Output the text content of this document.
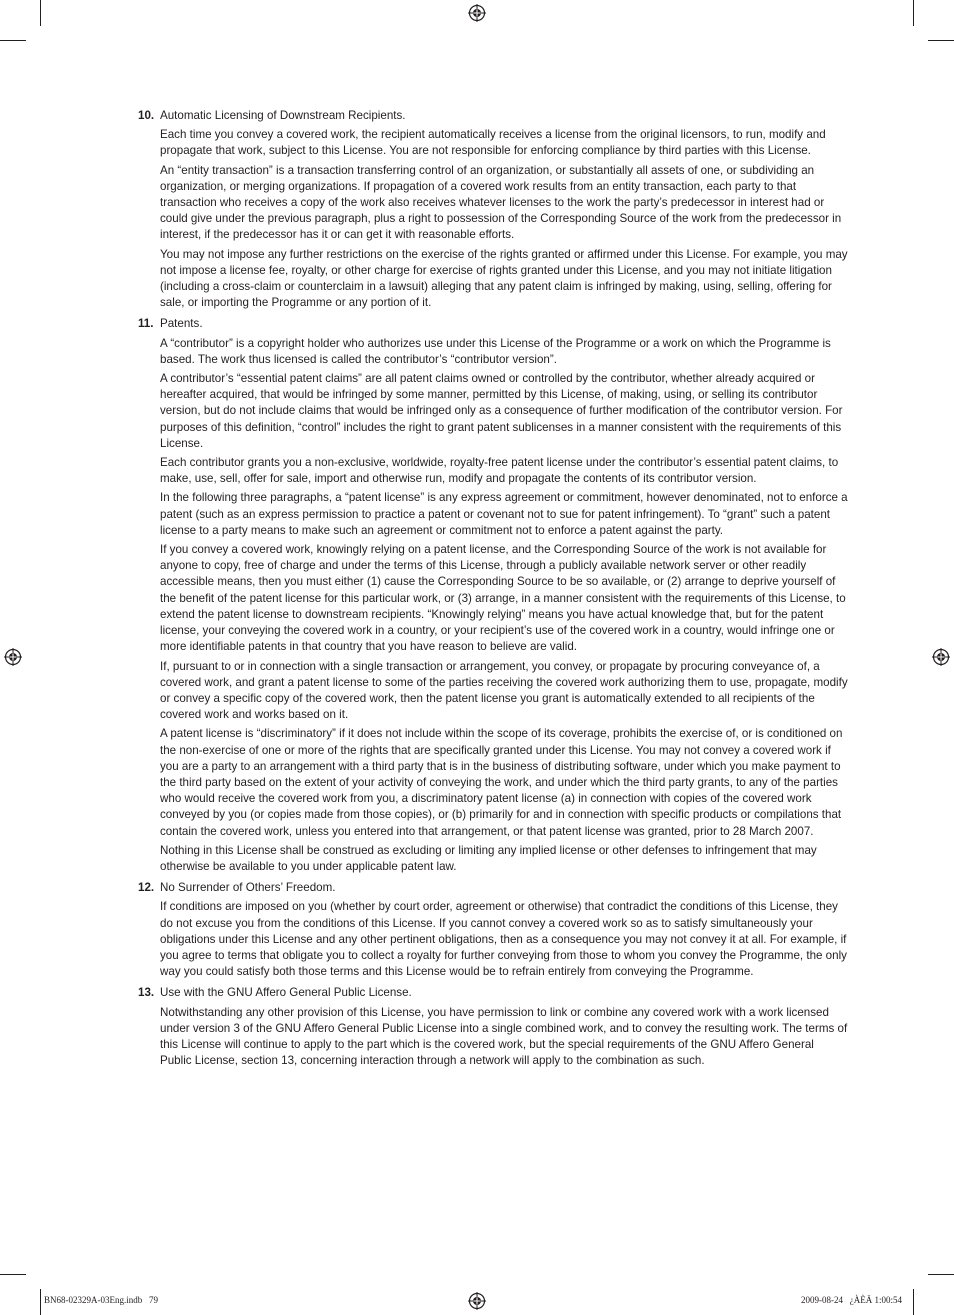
10. Automatic Licensing of Downstream Recipients.

Each time you convey a covered work, the recipient automatically receives a license from the original licensors, to run, modify and propagate that work, subject to this License. You are not responsible for enforcing compliance by third parties with this License.

An “entity transaction” is a transaction transferring control of an organization, or substantially all assets of one, or subdividing an organization, or merging organizations. If propagation of a covered work results from an entity transaction, each party to that transaction who receives a copy of the work also receives whatever licenses to the work the party’s predecessor in interest had or could give under the previous paragraph, plus a right to possession of the Corresponding Source of the work from the predecessor in interest, if the predecessor has it or can get it with reasonable efforts.

You may not impose any further restrictions on the exercise of the rights granted or affirmed under this License. For example, you may not impose a license fee, royalty, or other charge for exercise of rights granted under this License, and you may not initiate litigation (including a cross-claim or counterclaim in a lawsuit) alleging that any patent claim is infringed by making, using, selling, offering for sale, or importing the Programme or any portion of it.

11. Patents.

A “contributor” is a copyright holder who authorizes use under this License of the Programme or a work on which the Programme is based. The work thus licensed is called the contributor’s “contributor version”.

A contributor’s “essential patent claims” are all patent claims owned or controlled by the contributor, whether already acquired or hereafter acquired, that would be infringed by some manner, permitted by this License, of making, using, or selling its contributor version, but do not include claims that would be infringed only as a consequence of further modification of the contributor version. For purposes of this definition, “control” includes the right to grant patent sublicenses in a manner consistent with the requirements of this License.

Each contributor grants you a non-exclusive, worldwide, royalty-free patent license under the contributor’s essential patent claims, to make, use, sell, offer for sale, import and otherwise run, modify and propagate the contents of its contributor version.

In the following three paragraphs, a “patent license” is any express agreement or commitment, however denominated, not to enforce a patent (such as an express permission to practice a patent or covenant not to sue for patent infringement). To “grant” such a patent license to a party means to make such an agreement or commitment not to enforce a patent against the party.

If you convey a covered work, knowingly relying on a patent license, and the Corresponding Source of the work is not available for anyone to copy, free of charge and under the terms of this License, through a publicly available network server or other readily accessible means, then you must either (1) cause the Corresponding Source to be so available, or (2) arrange to deprive yourself of the benefit of the patent license for this particular work, or (3) arrange, in a manner consistent with the requirements of this License, to extend the patent license to downstream recipients. “Knowingly relying” means you have actual knowledge that, but for the patent license, your conveying the covered work in a country, or your recipient’s use of the covered work in a country, would infringe one or more identifiable patents in that country that you have reason to believe are valid.

If, pursuant to or in connection with a single transaction or arrangement, you convey, or propagate by procuring conveyance of, a covered work, and grant a patent license to some of the parties receiving the covered work authorizing them to use, propagate, modify or convey a specific copy of the covered work, then the patent license you grant is automatically extended to all recipients of the covered work and works based on it.

A patent license is “discriminatory” if it does not include within the scope of its coverage, prohibits the exercise of, or is conditioned on the non-exercise of one or more of the rights that are specifically granted under this License. You may not convey a covered work if you are a party to an arrangement with a third party that is in the business of distributing software, under which you make payment to the third party based on the extent of your activity of conveying the work, and under which the third party grants, to any of the parties who would receive the covered work from you, a discriminatory patent license (a) in connection with copies of the covered work conveyed by you (or copies made from those copies), or (b) primarily for and in connection with specific products or compilations that contain the covered work, unless you entered into that arrangement, or that patent license was granted, prior to 28 March 2007.

Nothing in this License shall be construed as excluding or limiting any implied license or other defenses to infringement that may otherwise be available to you under applicable patent law.

12. No Surrender of Others’ Freedom.

If conditions are imposed on you (whether by court order, agreement or otherwise) that contradict the conditions of this License, they do not excuse you from the conditions of this License. If you cannot convey a covered work so as to satisfy simultaneously your obligations under this License and any other pertinent obligations, then as a consequence you may not convey it at all. For example, if you agree to terms that obligate you to collect a royalty for further conveying from those to whom you convey the Programme, the only way you could satisfy both those terms and this License would be to refrain entirely from conveying the Programme.

13. Use with the GNU Affero General Public License.

Notwithstanding any other provision of this License, you have permission to link or combine any covered work with a work licensed under version 3 of the GNU Affero General Public License into a single combined work, and to convey the resulting work. The terms of this License will continue to apply to the part which is the covered work, but the special requirements of the GNU Affero General Public License, section 13, concerning interaction through a network will apply to the combination as such.

BN68-02329A-03Eng.indb   79	2009-08-24   ¿ÀÈÄ 1:00:54
